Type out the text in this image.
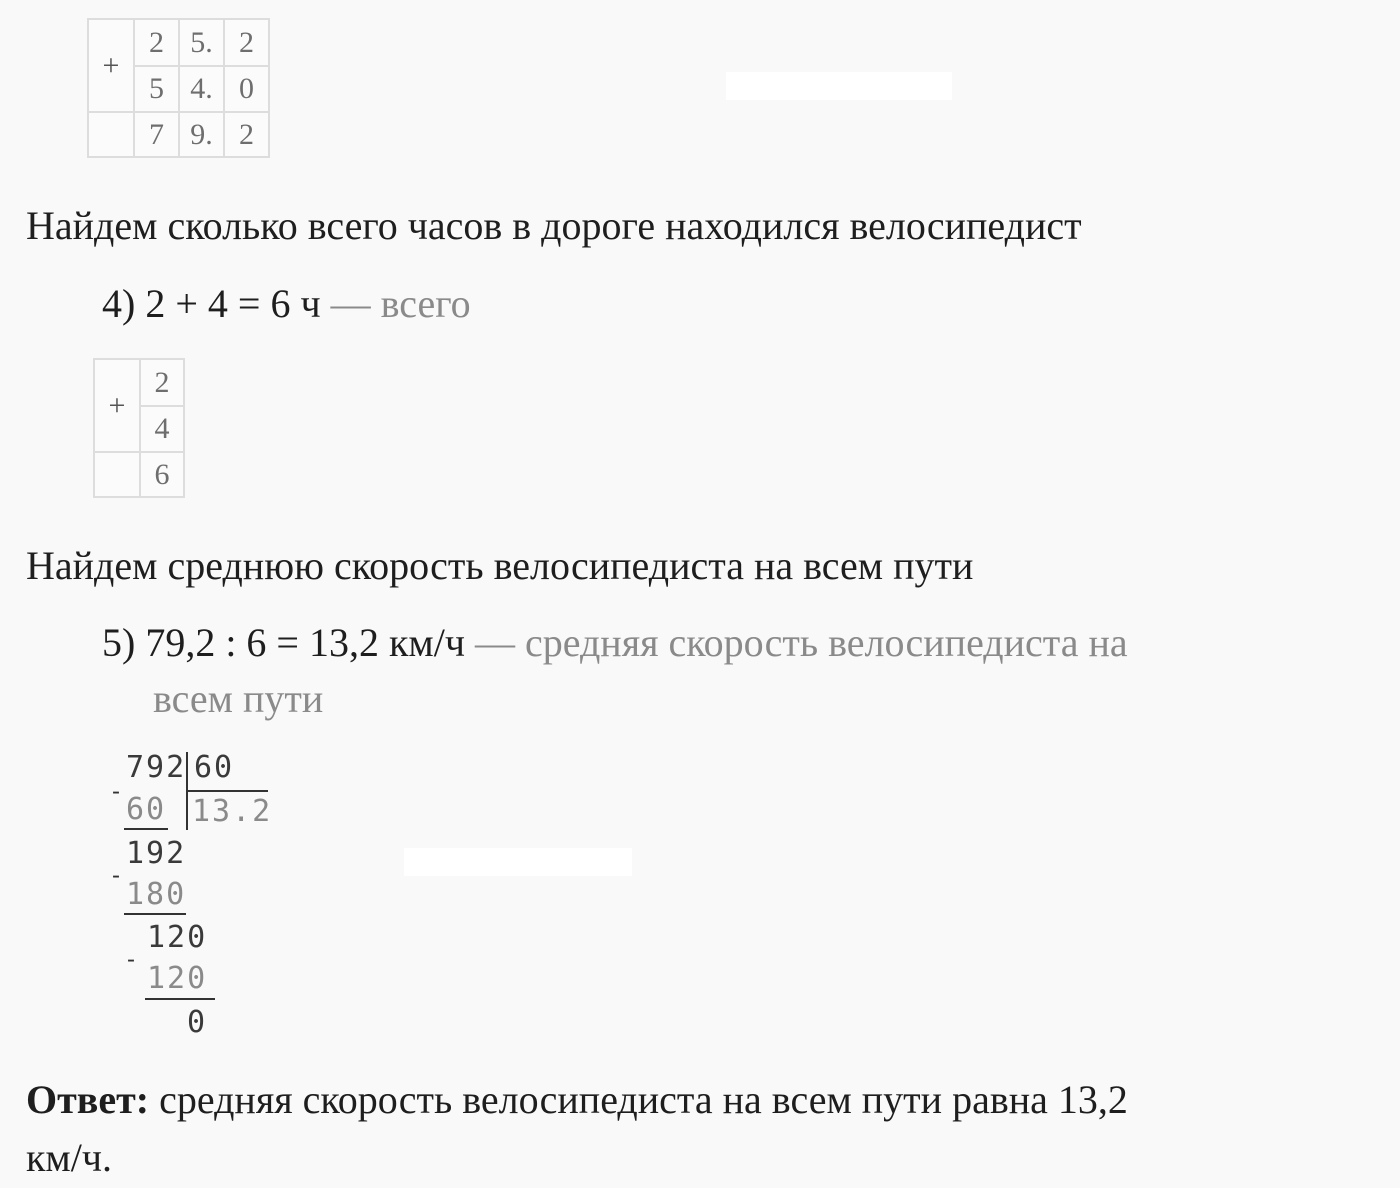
+	2	5.	2
	5	4.	0
	7	9.	2
Найдем сколько всего часов в дороге находился велосипедист
4) 2 + 4 = 6 ч — всего
+	2
	4
	6
Найдем среднюю скорость велосипедиста на всем пути
5) 79,2 : 6 = 13,2 км/ч — средняя скорость велосипедиста на
всем пути
792 60
13.2
-
60
192
-
180
120
-
120
0
Ответ: средняя скорость велосипедиста на всем пути равна 13,2
км/ч.
